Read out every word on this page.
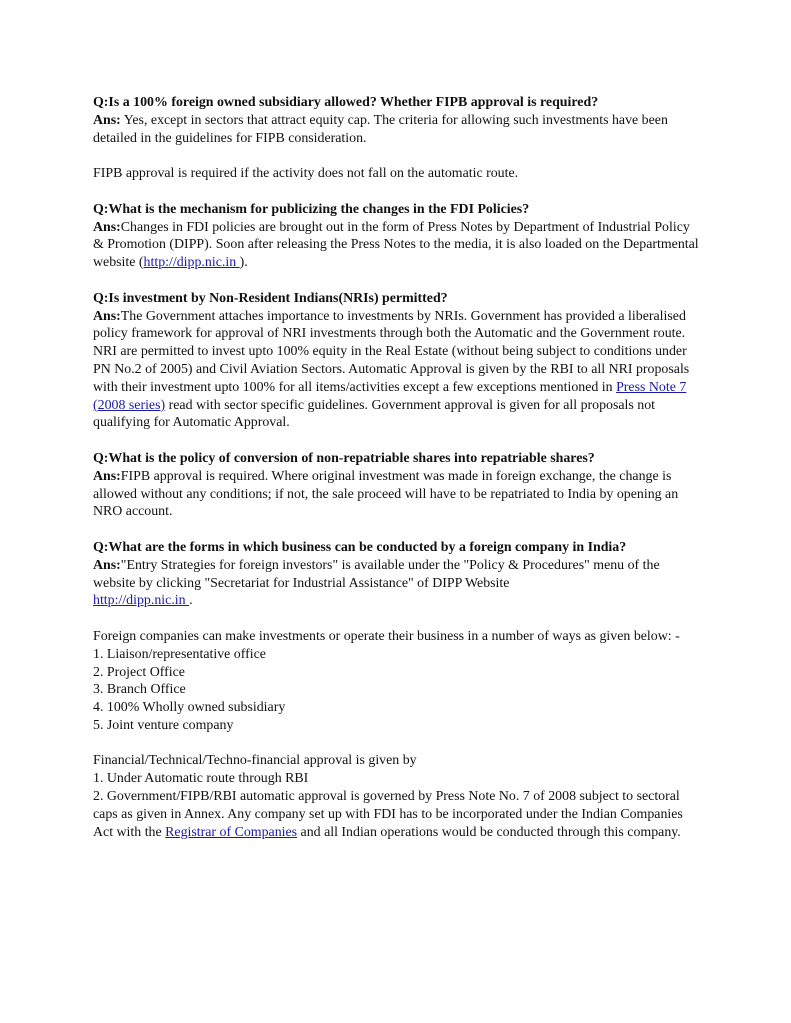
Q:Is a 100% foreign owned subsidiary allowed? Whether FIPB approval is required?

Ans: Yes, except in sectors that attract equity cap. The criteria for allowing such investments have been detailed in the guidelines for FIPB consideration.

FIPB approval is required if the activity does not fall on the automatic route.

Q:What is the mechanism for publicizing the changes in the FDI Policies?

Ans:Changes in FDI policies are brought out in the form of Press Notes by Department of Industrial Policy & Promotion (DIPP). Soon after releasing the Press Notes to the media, it is also loaded on the Departmental website (http://dipp.nic.in ).

Q:Is investment by Non-Resident Indians(NRIs) permitted?

Ans:The Government attaches importance to investments by NRIs. Government has provided a liberalised policy framework for approval of NRI investments through both the Automatic and the Government route. NRI are permitted to invest upto 100% equity in the Real Estate (without being subject to conditions under PN No.2 of 2005) and Civil Aviation Sectors. Automatic Approval is given by the RBI to all NRI proposals with their investment upto 100% for all items/activities except a few exceptions mentioned in Press Note 7 (2008 series) read with sector specific guidelines. Government approval is given for all proposals not qualifying for Automatic Approval.

Q:What is the policy of conversion of non-repatriable shares into repatriable shares?

Ans:FIPB approval is required. Where original investment was made in foreign exchange, the change is allowed without any conditions; if not, the sale proceed will have to be repatriated to India by opening an NRO account.

Q:What are the forms in which business can be conducted by a foreign company in India?

Ans:"Entry Strategies for foreign investors" is available under the "Policy & Procedures" menu of the website by clicking "Secretariat for Industrial Assistance" of DIPP Website
http://dipp.nic.in .

Foreign companies can make investments or operate their business in a number of ways as given below: -

1. Liaison/representative office

2. Project Office

3. Branch Office

4. 100% Wholly owned subsidiary

5. Joint venture company

Financial/Technical/Techno-financial approval is given by

1. Under Automatic route through RBI

2. Government/FIPB/RBI automatic approval is governed by Press Note No. 7 of 2008 subject to sectoral caps as given in Annex. Any company set up with FDI has to be incorporated under the Indian Companies Act with the Registrar of Companies and all Indian operations would be conducted through this company.
